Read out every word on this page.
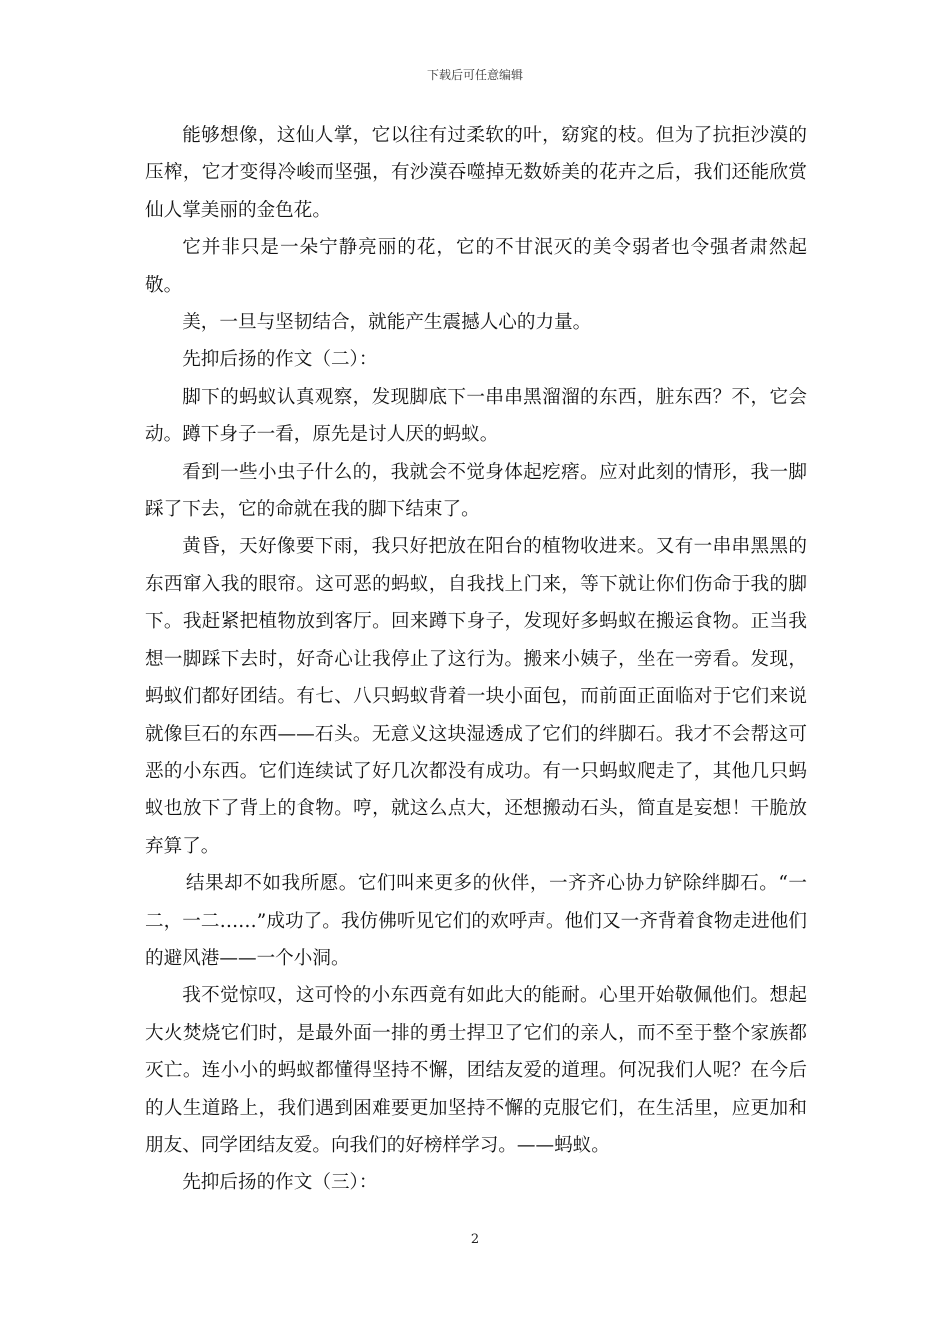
下载后可任意编辑

能够想像，这仙人掌，它以往有过柔软的叶，窈窕的枝。但为了抗拒沙漠的压榨，它才变得冷峻而坚强，有沙漠吞噬掉无数娇美的花卉之后，我们还能欣赏仙人掌美丽的金色花。

它并非只是一朵宁静亮丽的花，它的不甘泯灭的美令弱者也令强者肃然起敬。

美，一旦与坚韧结合，就能产生震撼人心的力量。

先抑后扬的作文（二）：

脚下的蚂蚁认真观察，发现脚底下一串串黑溜溜的东西，脏东西？不，它会动。蹲下身子一看，原先是讨人厌的蚂蚁。

看到一些小虫子什么的，我就会不觉身体起疙瘩。应对此刻的情形，我一脚踩了下去，它的命就在我的脚下结束了。

黄昏，天好像要下雨，我只好把放在阳台的植物收进来。又有一串串黑黑的东西窜入我的眼帘。这可恶的蚂蚁，自我找上门来，等下就让你们伤命于我的脚下。我赶紧把植物放到客厅。回来蹲下身子，发现好多蚂蚁在搬运食物。正当我想一脚踩下去时，好奇心让我停止了这行为。搬来小姨子，坐在一旁看。发现，蚂蚁们都好团结。有七、八只蚂蚁背着一块小面包，而前面正面临对于它们来说就像巨石的东西——石头。无意义这块湿透成了它们的绊脚石。我才不会帮这可恶的小东西。它们连续试了好几次都没有成功。有一只蚂蚁爬走了，其他几只蚂蚁也放下了背上的食物。哼，就这么点大，还想搬动石头，简直是妄想！干脆放弃算了。

结果却不如我所愿。它们叫来更多的伙伴，一齐齐心协力铲除绊脚石。“一二，一二……”成功了。我仿佛听见它们的欢呼声。他们又一齐背着食物走进他们的避风港——一个小洞。

我不觉惊叹，这可怜的小东西竟有如此大的能耐。心里开始敬佩他们。想起大火焚烧它们时，是最外面一排的勇士捍卫了它们的亲人，而不至于整个家族都灭亡。连小小的蚂蚁都懂得坚持不懈，团结友爱的道理。何况我们人呢？在今后的人生道路上，我们遇到困难要更加坚持不懈的克服它们，在生活里，应更加和朋友、同学团结友爱。向我们的好榜样学习。——蚂蚁。

先抑后扬的作文（三）：

2
